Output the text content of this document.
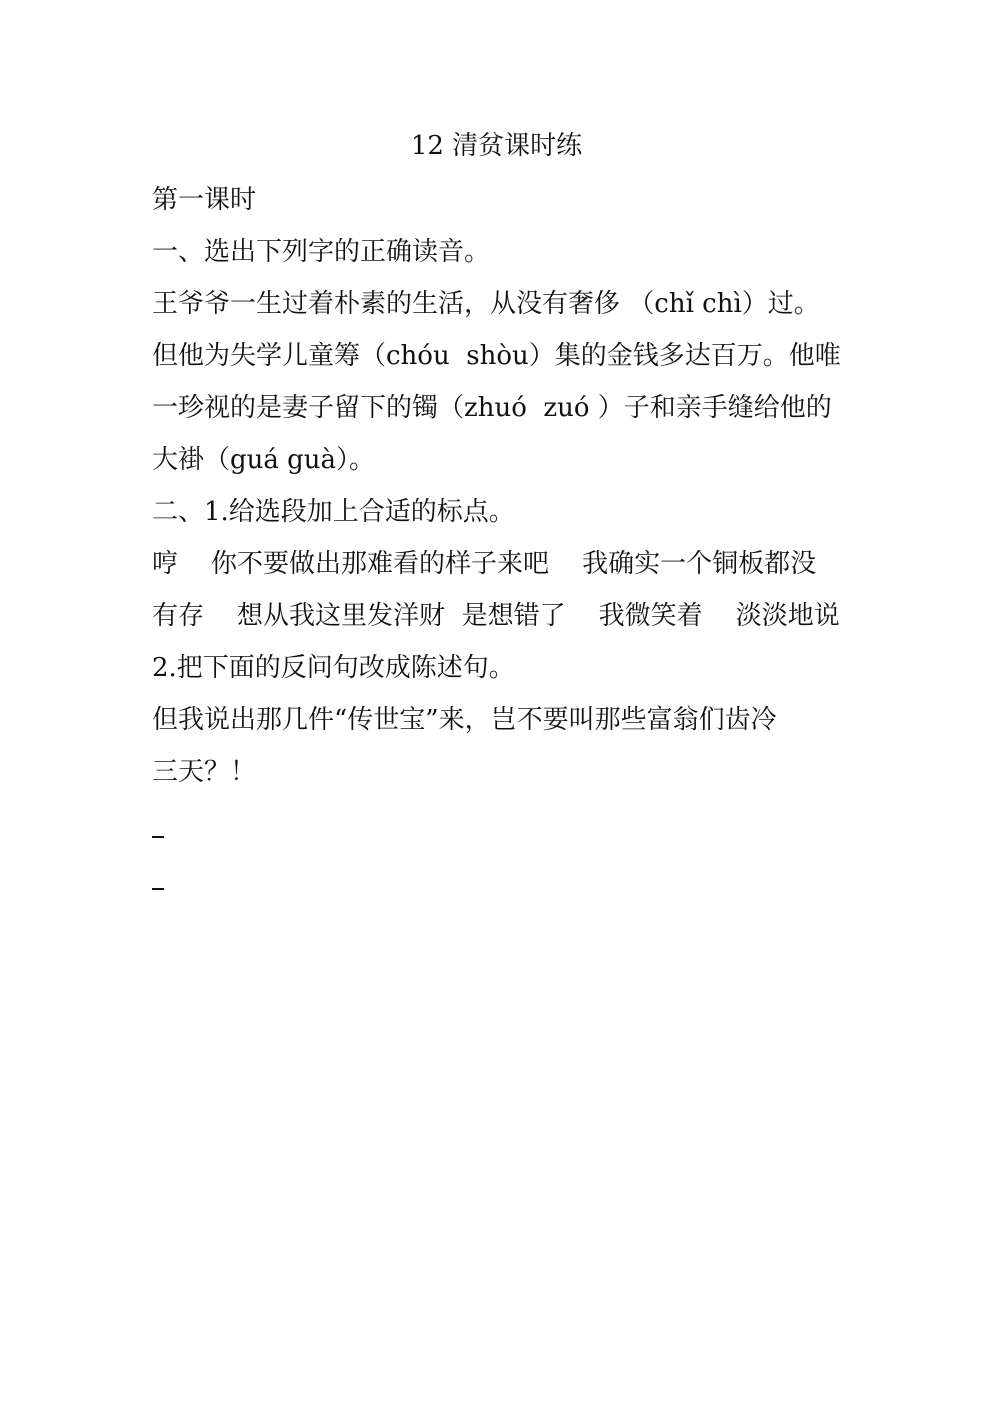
12 清贫课时练
第一课时
一、选出下列字的正确读音。
王爷爷一生过着朴素的生活，从没有奢侈 （chǐ chì）过。
但他为失学儿童筹（chóu  shòu）集的金钱多达百万。他唯
一珍视的是妻子留下的镯（zhuó  zuó ）子和亲手缝给他的
大褂（guá guà）。
二、1.给选段加上合适的标点。
哼    你不要做出那难看的样子来吧    我确实一个铜板都没
有存    想从我这里发洋财  是想错了    我微笑着    淡淡地说
2.把下面的反问句改成陈述句。
但我说出那几件“传世宝”来，岂不要叫那些富翁们齿冷
三天？！
